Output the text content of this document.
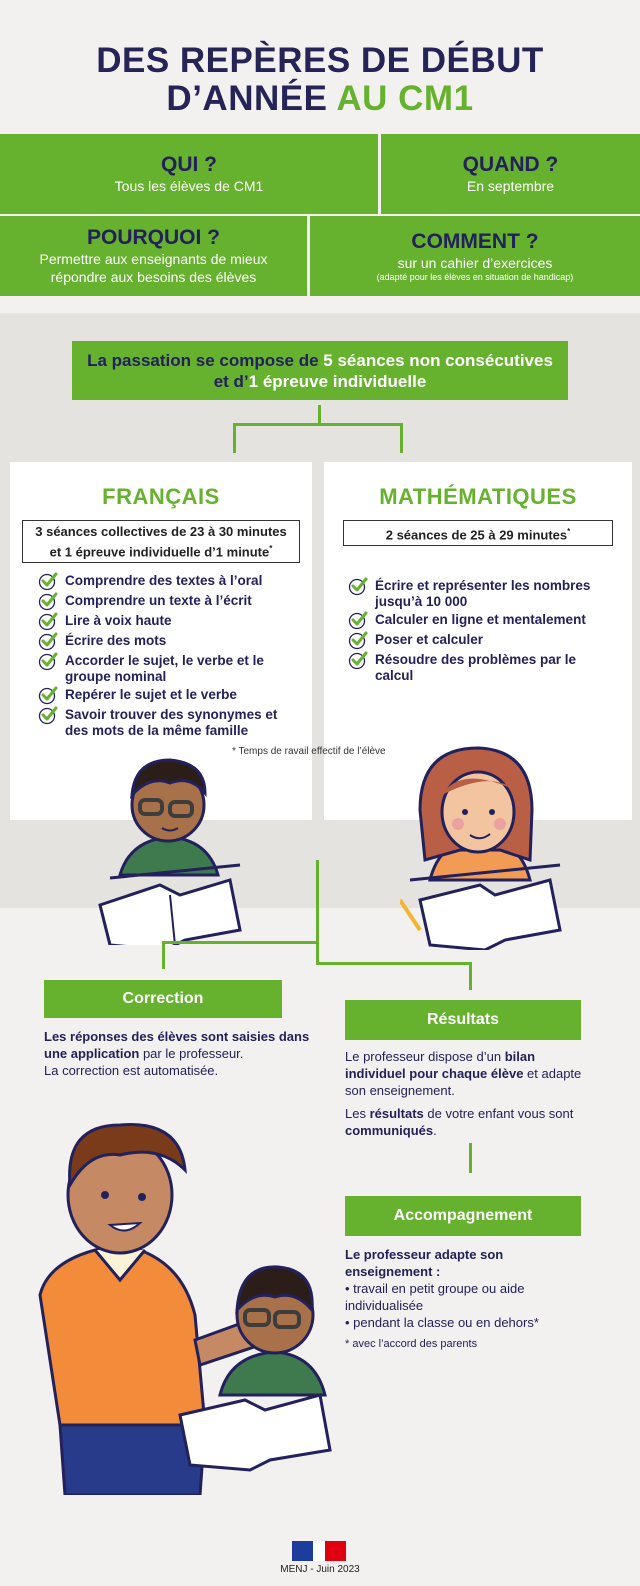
DES REPÈRES DE DÉBUT
D’ANNÉE AU CM1
QUI ?

Tous les élèves de CM1

QUAND ?

En septembre

POURQUOI ?

Permettre aux enseignants de mieux

répondre aux besoins des élèves

COMMENT ?

sur un cahier d’exercices

(adapté pour les élèves en situation de handicap)
La passation se compose de 5 séances non consécutives
et d’1 épreuve individuelle
FRANÇAIS
3 séances collectives de 23 à 30 minutes
et 1 épreuve individuelle d’1 minute*
Comprendre des textes à l’oral
Comprendre un texte à l’écrit
Lire à voix haute
Écrire des mots
Accorder le sujet, le verbe et le groupe nominal
Repérer le sujet et le verbe
Savoir trouver des synonymes et des mots de la même famille
MATHÉMATIQUES
2 séances de 25 à 29 minutes*
Écrire et représenter les nombres jusqu’à 10 000
Calculer en ligne et mentalement
Poser et calculer
Résoudre des problèmes par le calcul
* Temps de ravail effectif de l’élève
Correction
Les réponses des élèves sont saisies dans une application par le professeur.
La correction est automatisée.
Résultats

Le professeur dispose d’un bilan individuel pour chaque élève et adapte son enseignement.

Les résultats de votre enfant vous sont communiqués.

Accompagnement
Le professeur adapte son enseignement :
• travail en petit groupe ou aide individualisée
• pendant la classe ou en dehors*
* avec l’accord des parents
MENJ - Juin 2023
